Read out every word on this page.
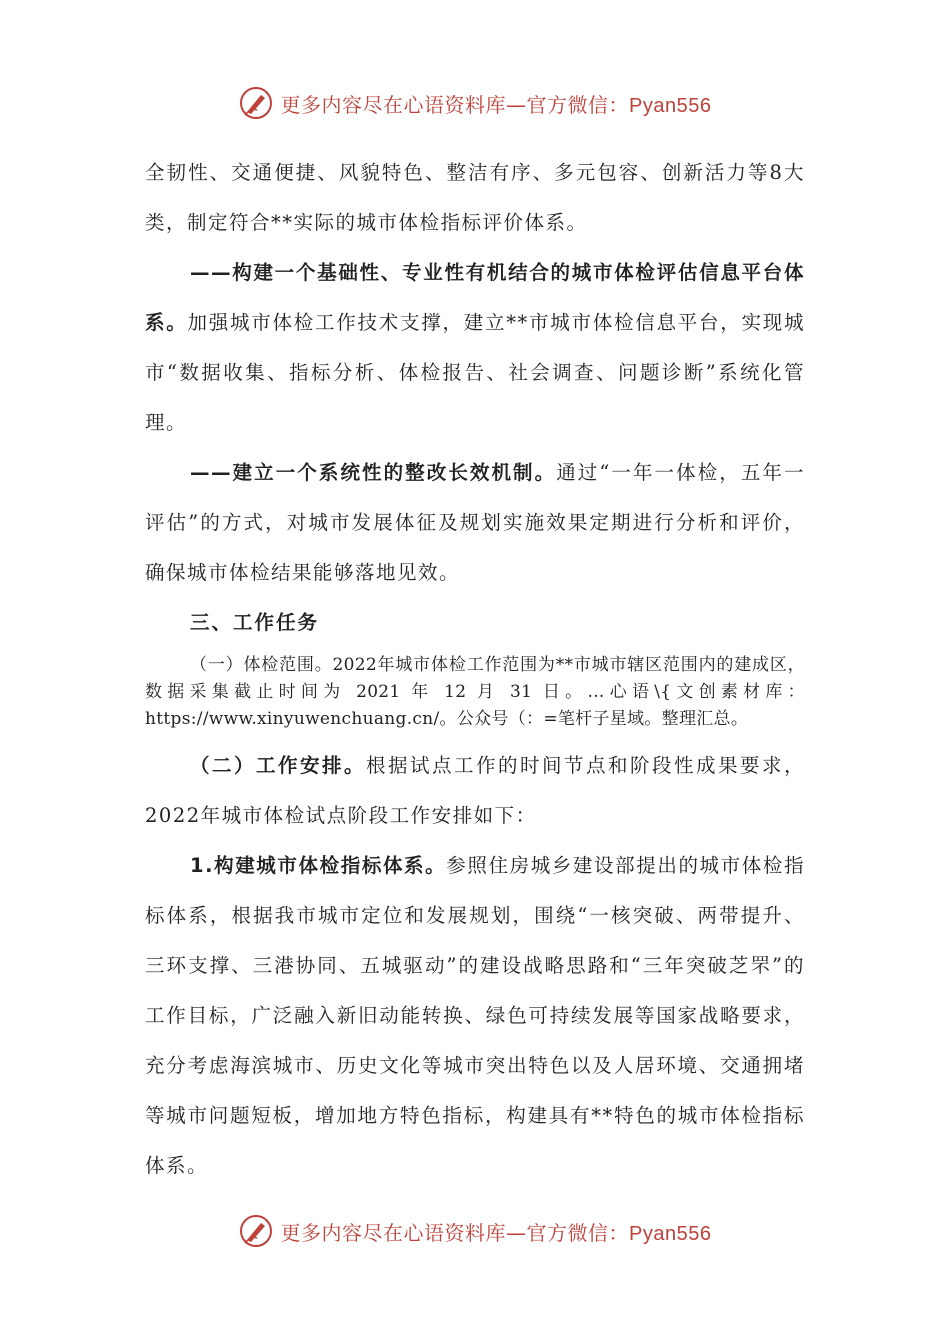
更多内容尽在心语资料库—官方微信：Pyan556

全韧性、交通便捷、风貌特色、整洁有序、多元包容、创新活力等8大类，制定符合**实际的城市体检指标评价体系。

——构建一个基础性、专业性有机结合的城市体检评估信息平台体系。加强城市体检工作技术支撑，建立**市城市体检信息平台，实现城市“数据收集、指标分析、体检报告、社会调查、问题诊断”系统化管理。

——建立一个系统性的整改长效机制。通过“一年一体检，五年一评估”的方式，对城市发展体征及规划实施效果定期进行分析和评价，确保城市体检结果能够落地见效。

三、工作任务

（一）体检范围。2022年城市体检工作范围为**市城市辖区范围内的建成区，数据采集截止时间为 2021 年 12 月 31 日。…心语\{文创素材库：https://www.xinyuwenchuang.cn/。公众号（：=笔杆子星域。整理汇总。

（二）工作安排。根据试点工作的时间节点和阶段性成果要求，2022年城市体检试点阶段工作安排如下：

1.构建城市体检指标体系。参照住房城乡建设部提出的城市体检指标体系，根据我市城市定位和发展规划，围绕“一核突破、两带提升、三环支撑、三港协同、五城驱动”的建设战略思路和“三年突破芝罘”的工作目标，广泛融入新旧动能转换、绿色可持续发展等国家战略要求，充分考虑海滨城市、历史文化等城市突出特色以及人居环境、交通拥堵等城市问题短板，增加地方特色指标，构建具有**特色的城市体检指标体系。

更多内容尽在心语资料库—官方微信：Pyan556
